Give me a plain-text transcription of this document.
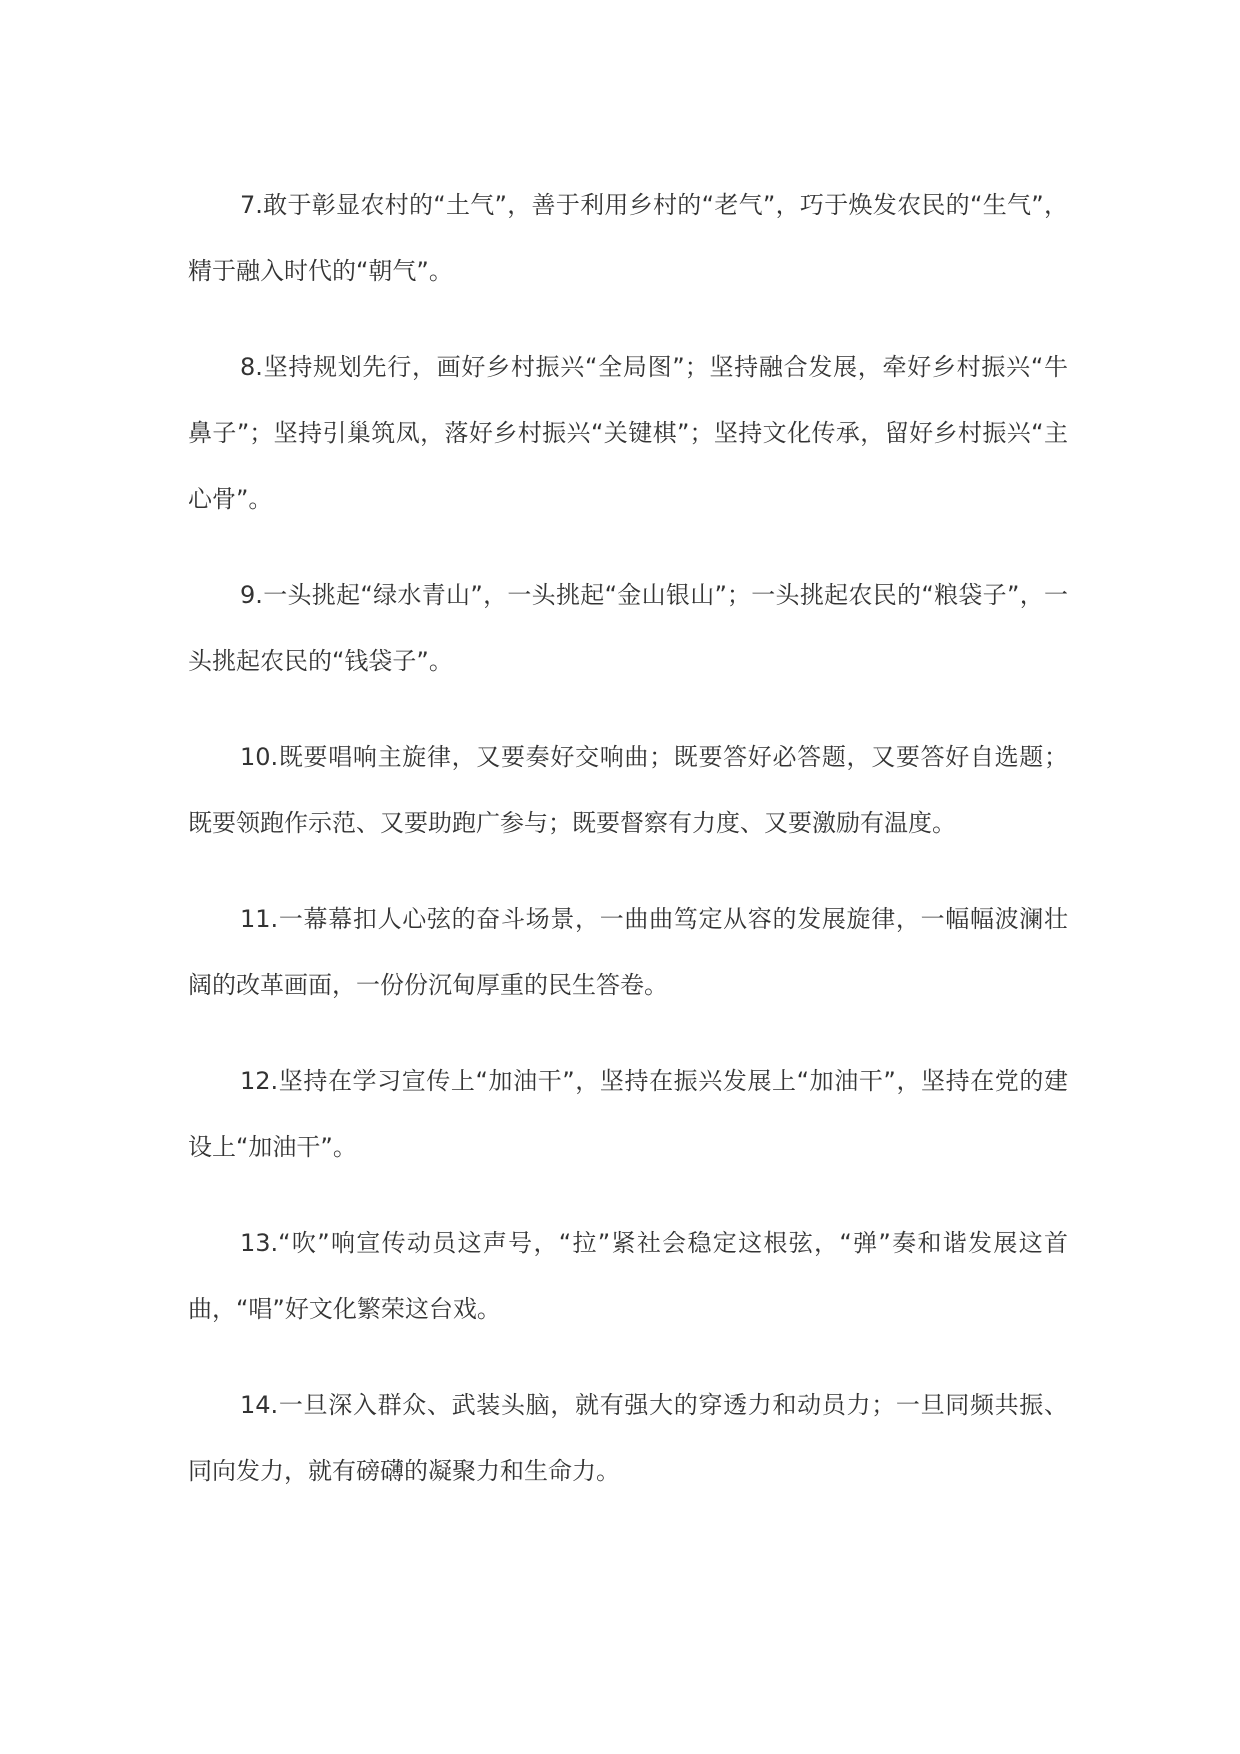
7.敢于彰显农村的“土气”，善于利用乡村的“老气”，巧于焕发农民的“生气”，精于融入时代的“朝气”。

8.坚持规划先行，画好乡村振兴“全局图”；坚持融合发展，牵好乡村振兴“牛鼻子”；坚持引巢筑凤，落好乡村振兴“关键棋”；坚持文化传承，留好乡村振兴“主心骨”。

9.一头挑起“绿水青山”，一头挑起“金山银山”；一头挑起农民的“粮袋子”，一头挑起农民的“钱袋子”。

10.既要唱响主旋律，又要奏好交响曲；既要答好必答题，又要答好自选题；既要领跑作示范、又要助跑广参与；既要督察有力度、又要激励有温度。

11.一幕幕扣人心弦的奋斗场景，一曲曲笃定从容的发展旋律，一幅幅波澜壮阔的改革画面，一份份沉甸厚重的民生答卷。

12.坚持在学习宣传上“加油干”，坚持在振兴发展上“加油干”，坚持在党的建设上“加油干”。

13.“吹”响宣传动员这声号，“拉”紧社会稳定这根弦，“弹”奏和谐发展这首曲，“唱”好文化繁荣这台戏。

14.一旦深入群众、武装头脑，就有强大的穿透力和动员力；一旦同频共振、同向发力，就有磅礴的凝聚力和生命力。
